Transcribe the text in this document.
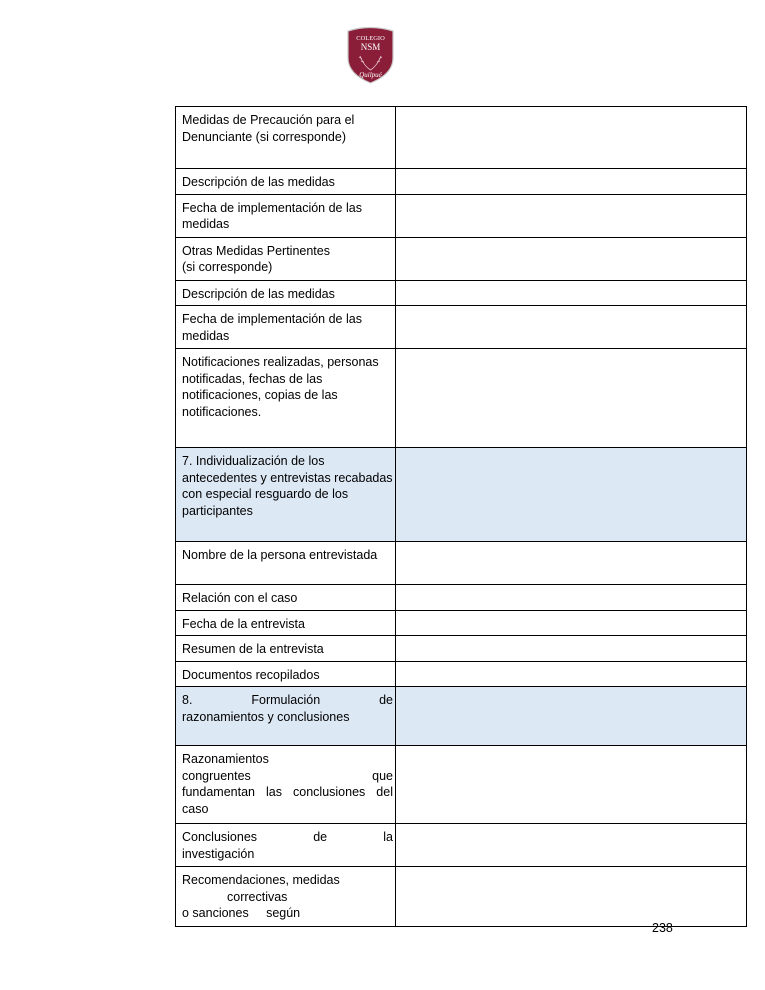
COLEGIO
NSM
Quilpué
Medidas de Precaución para el Denunciante (si corresponde)	
Descripción de las medidas	
Fecha de implementación de las medidas	

Otras Medidas Pertinentes
(si corresponde)	

Descripción de las medidas	
Fecha de implementación de las medidas	
Notificaciones realizadas, personas notificadas, fechas de las notificaciones, copias de las notificaciones.	
7. Individualización de los antecedentes y entrevistas recabadas con especial resguardo de los participantes	
Nombre de la persona entrevistada	
Relación con el caso	
Fecha de la entrevista	
Resumen de la entrevista	
Documentos recopilados	

8. Formulación de
razonamientos y conclusiones	

Razonamientos
congruentes que
fundamentan las conclusiones del
caso	

Conclusiones de la
investigación	

Recomendaciones, medidas
correctivas
o sanciones     según	

238
